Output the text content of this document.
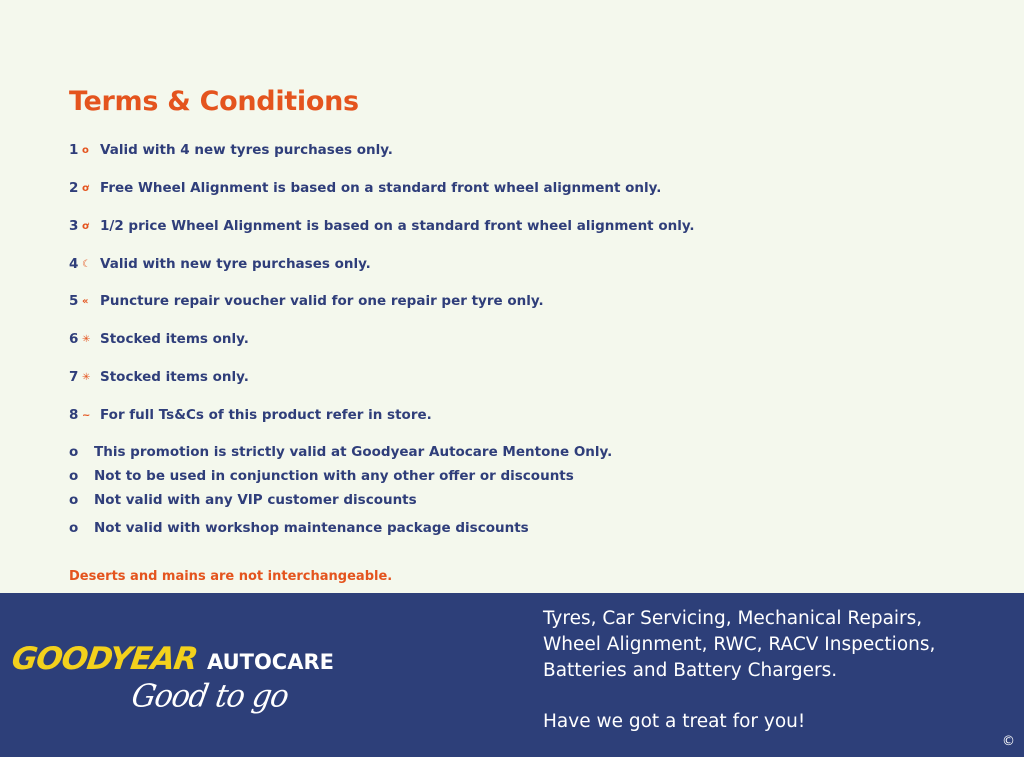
Terms & Conditions
1 o Valid with 4 new tyres purchases only.
2 ơ Free Wheel Alignment is based on a standard front wheel alignment only.
3 ơ 1/2 price Wheel Alignment is based on a standard front wheel alignment only.
4 ☾ Valid with new tyre purchases only.
5 « Puncture repair voucher valid for one repair per tyre only.
6 ✳ Stocked items only.
7 ✳ Stocked items only.
8 ~ For full Ts&Cs of this product refer in store.
o	This promotion is strictly valid at Goodyear Autocare Mentone Only.
o	Not to be used in conjunction with any other offer or discounts
o	Not valid with any VIP customer discounts
o	Not valid with workshop maintenance package discounts
Deserts and mains are not interchangeable.
GOODYEAR AUTOCARE
Good to go
Tyres, Car Servicing, Mechanical Repairs, Wheel Alignment, RWC, RACV Inspections, Batteries and Battery Chargers.
Have we got a treat for you!
©
